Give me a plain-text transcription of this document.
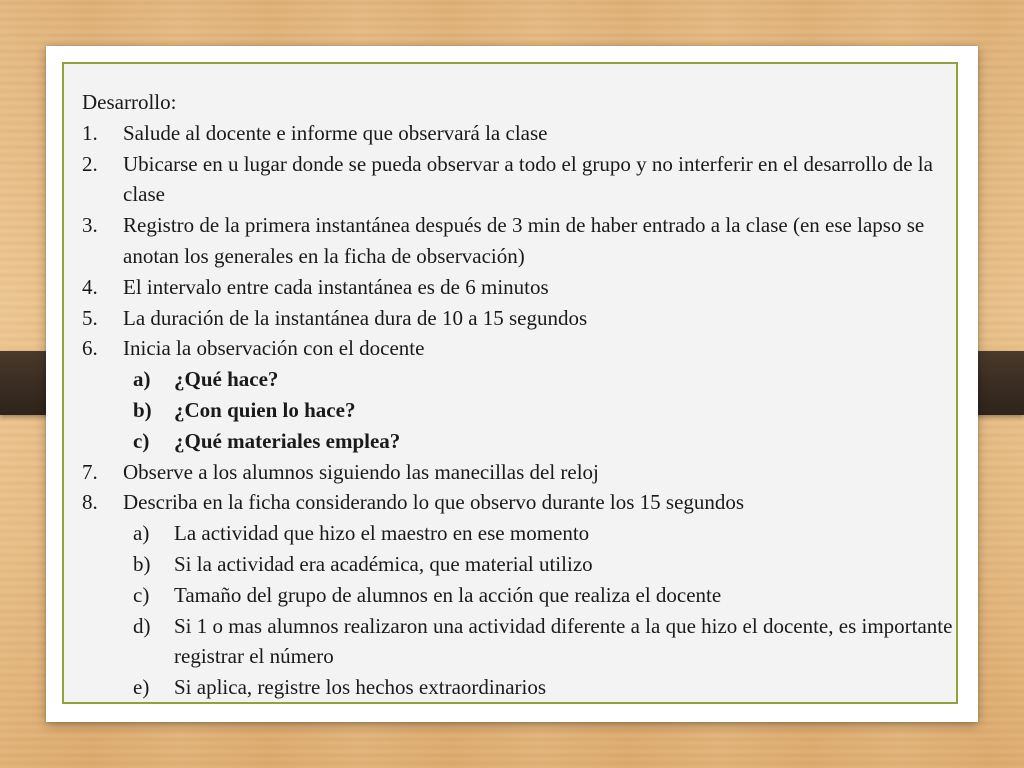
Desarrollo:
1.	Salude al docente e informe que observará la clase
2.	Ubicarse en u lugar donde se pueda observar a todo el grupo y no interferir en el desarrollo de la clase
3.	Registro de la primera instantánea después de 3 min de haber entrado a la clase (en ese lapso se anotan los generales en la ficha de observación)
4.	El intervalo entre cada instantánea es de 6 minutos
5.	La duración de la instantánea dura de 10 a 15 segundos
6.	Inicia la observación con el docente
a)	¿Qué hace?
b)	¿Con quien lo hace?
c)	¿Qué materiales emplea?
7.	Observe a los alumnos siguiendo las manecillas del reloj
8.	Describa en la ficha considerando lo que observo durante los 15 segundos
a)	La actividad que hizo el maestro en ese momento
b)	Si la actividad era académica, que material utilizo
c)	Tamaño del grupo de alumnos en la acción que realiza el docente
d)	Si 1 o mas alumnos realizaron una actividad diferente a la que hizo el docente, es importante registrar el número
e)	Si aplica, registre los hechos extraordinarios
